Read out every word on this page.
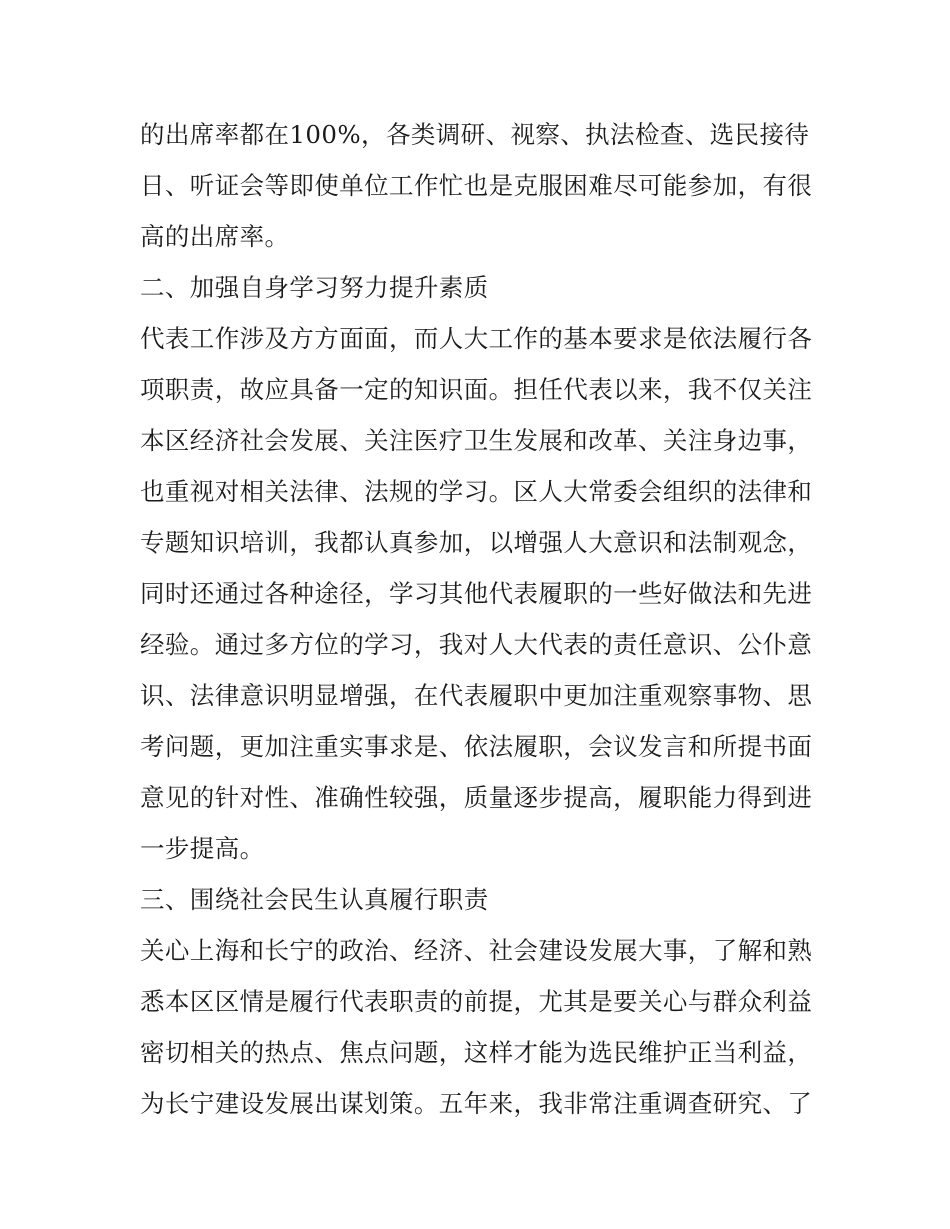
的出席率都在100%，各类调研、视察、执法检查、选民接待
日、听证会等即使单位工作忙也是克服困难尽可能参加，有很
高的出席率。
二、加强自身学习努力提升素质
代表工作涉及方方面面，而人大工作的基本要求是依法履行各
项职责，故应具备一定的知识面。担任代表以来，我不仅关注
本区经济社会发展、关注医疗卫生发展和改革、关注身边事，
也重视对相关法律、法规的学习。区人大常委会组织的法律和
专题知识培训，我都认真参加，以增强人大意识和法制观念，
同时还通过各种途径，学习其他代表履职的一些好做法和先进
经验。通过多方位的学习，我对人大代表的责任意识、公仆意
识、法律意识明显增强，在代表履职中更加注重观察事物、思
考问题，更加注重实事求是、依法履职，会议发言和所提书面
意见的针对性、准确性较强，质量逐步提高，履职能力得到进
一步提高。
三、围绕社会民生认真履行职责
关心上海和长宁的政治、经济、社会建设发展大事，了解和熟
悉本区区情是履行代表职责的前提，尤其是要关心与群众利益
密切相关的热点、焦点问题，这样才能为选民维护正当利益，
为长宁建设发展出谋划策。五年来，我非常注重调查研究、了
